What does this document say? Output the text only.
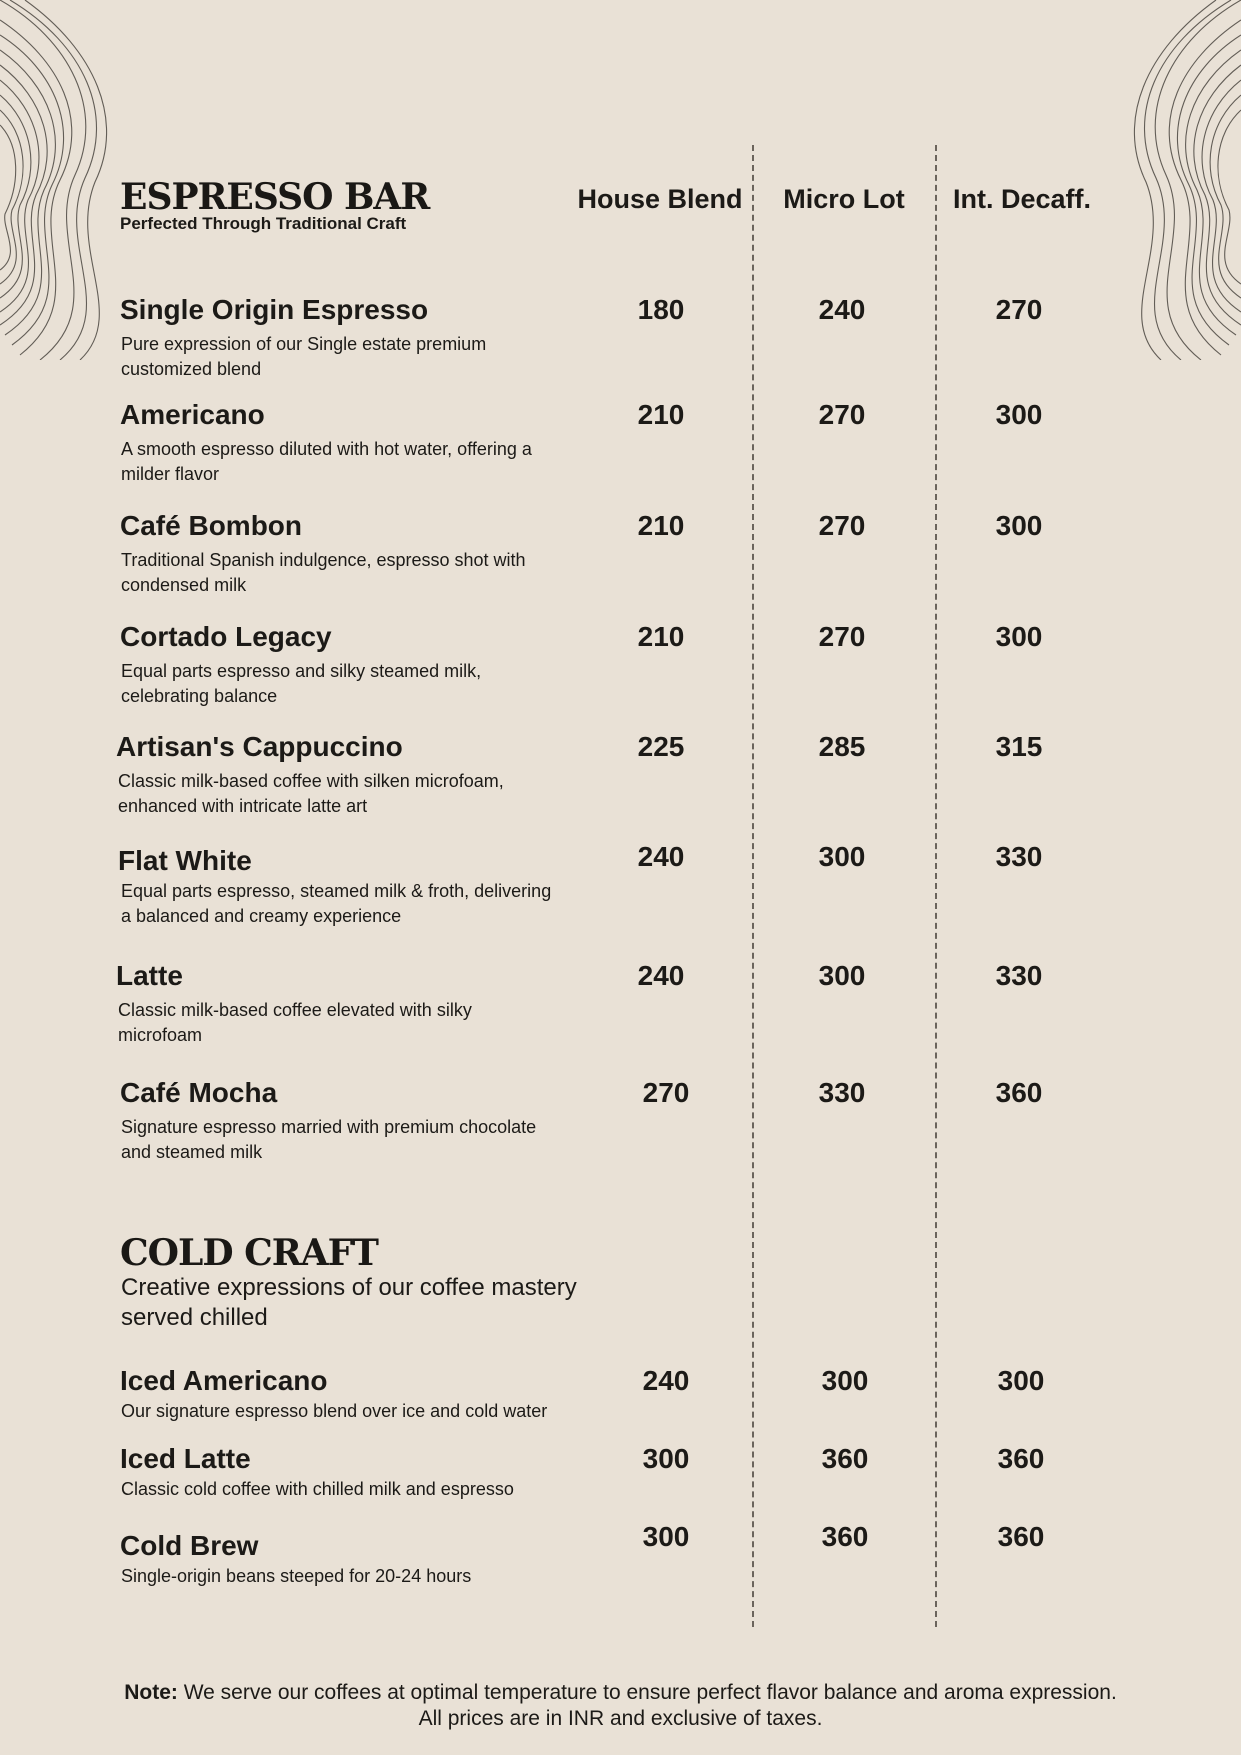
ESPRESSO BAR

Perfected Through Traditional Craft

House Blend	Micro Lot	Int. Decaff.

Single Origin Espresso

Pure expression of our Single estate premium customized blend

180	240	270

Americano

A smooth espresso diluted with hot water, offering a milder flavor

210	270	300

Café Bombon

Traditional Spanish indulgence, espresso shot with condensed milk

210	270	300

Cortado Legacy

Equal parts espresso and silky steamed milk, celebrating balance

210	270	300

Artisan's Cappuccino

Classic milk-based coffee with silken microfoam, enhanced with intricate latte art

225	285	315

Flat White

Equal parts espresso, steamed milk & froth, delivering a balanced and creamy experience

240	300	330

Latte

Classic milk-based coffee elevated with silky microfoam

240	300	330

Café Mocha

Signature espresso married with premium chocolate and steamed milk

270	330	360

COLD CRAFT

Creative expressions of our coffee mastery served chilled

Iced Americano

Our signature espresso blend over ice and cold water

240	300	300

Iced Latte

Classic cold coffee with chilled milk and espresso

300	360	360

Cold Brew

Single-origin beans steeped for 20-24 hours

300	360	360

Note: We serve our coffees at optimal temperature to ensure perfect flavor balance and aroma expression.
All prices are in INR and exclusive of taxes.
